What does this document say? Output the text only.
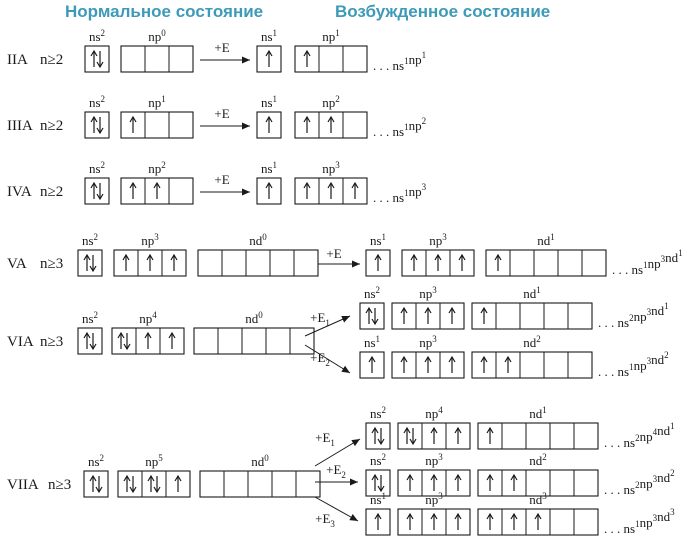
Нормальное состояние	Возбужденное состояние
IIA n≥2
$ns^2$	$np^0$
+E
$ns^1$	$np^1$
. . . $ns^1np^1$
IIIA n≥2
$ns^2$	$np^1$
+E
$ns^1$	$np^2$
. . . $ns^1np^2$
IVA n≥2
$ns^2$	$np^2$
+E
$ns^1$	$np^3$
. . . $ns^1np^3$
VA n≥3
$ns^2$	$np^3$	$nd^0$
+E
$ns^1$	$np^3$	$nd^1$
. . . $ns^1np^3nd^1$
VIA n≥3
$ns^2$	$np^4$	$nd^0$	$+E_1$
$ns^2$	$np^3$	$nd^1$
. . . $ns^2np^3nd^1$
$+E_2$
$ns^1$	$np^3$	$nd^2$
. . . $ns^1np^3nd^2$
VIIA n≥3
$ns^2$	$np^5$	$nd^0$
$+E_1$
$ns^2$	$np^4$	$nd^1$
. . . $ns^2np^4nd^1$
$+E_2$
$ns^2$	$np^3$	$nd^2$
. . . $ns^2np^3nd^2$
$+E_3$
$ns^1$	$np^3$	$nd^3$
. . . $ns^1np^3nd^3$
